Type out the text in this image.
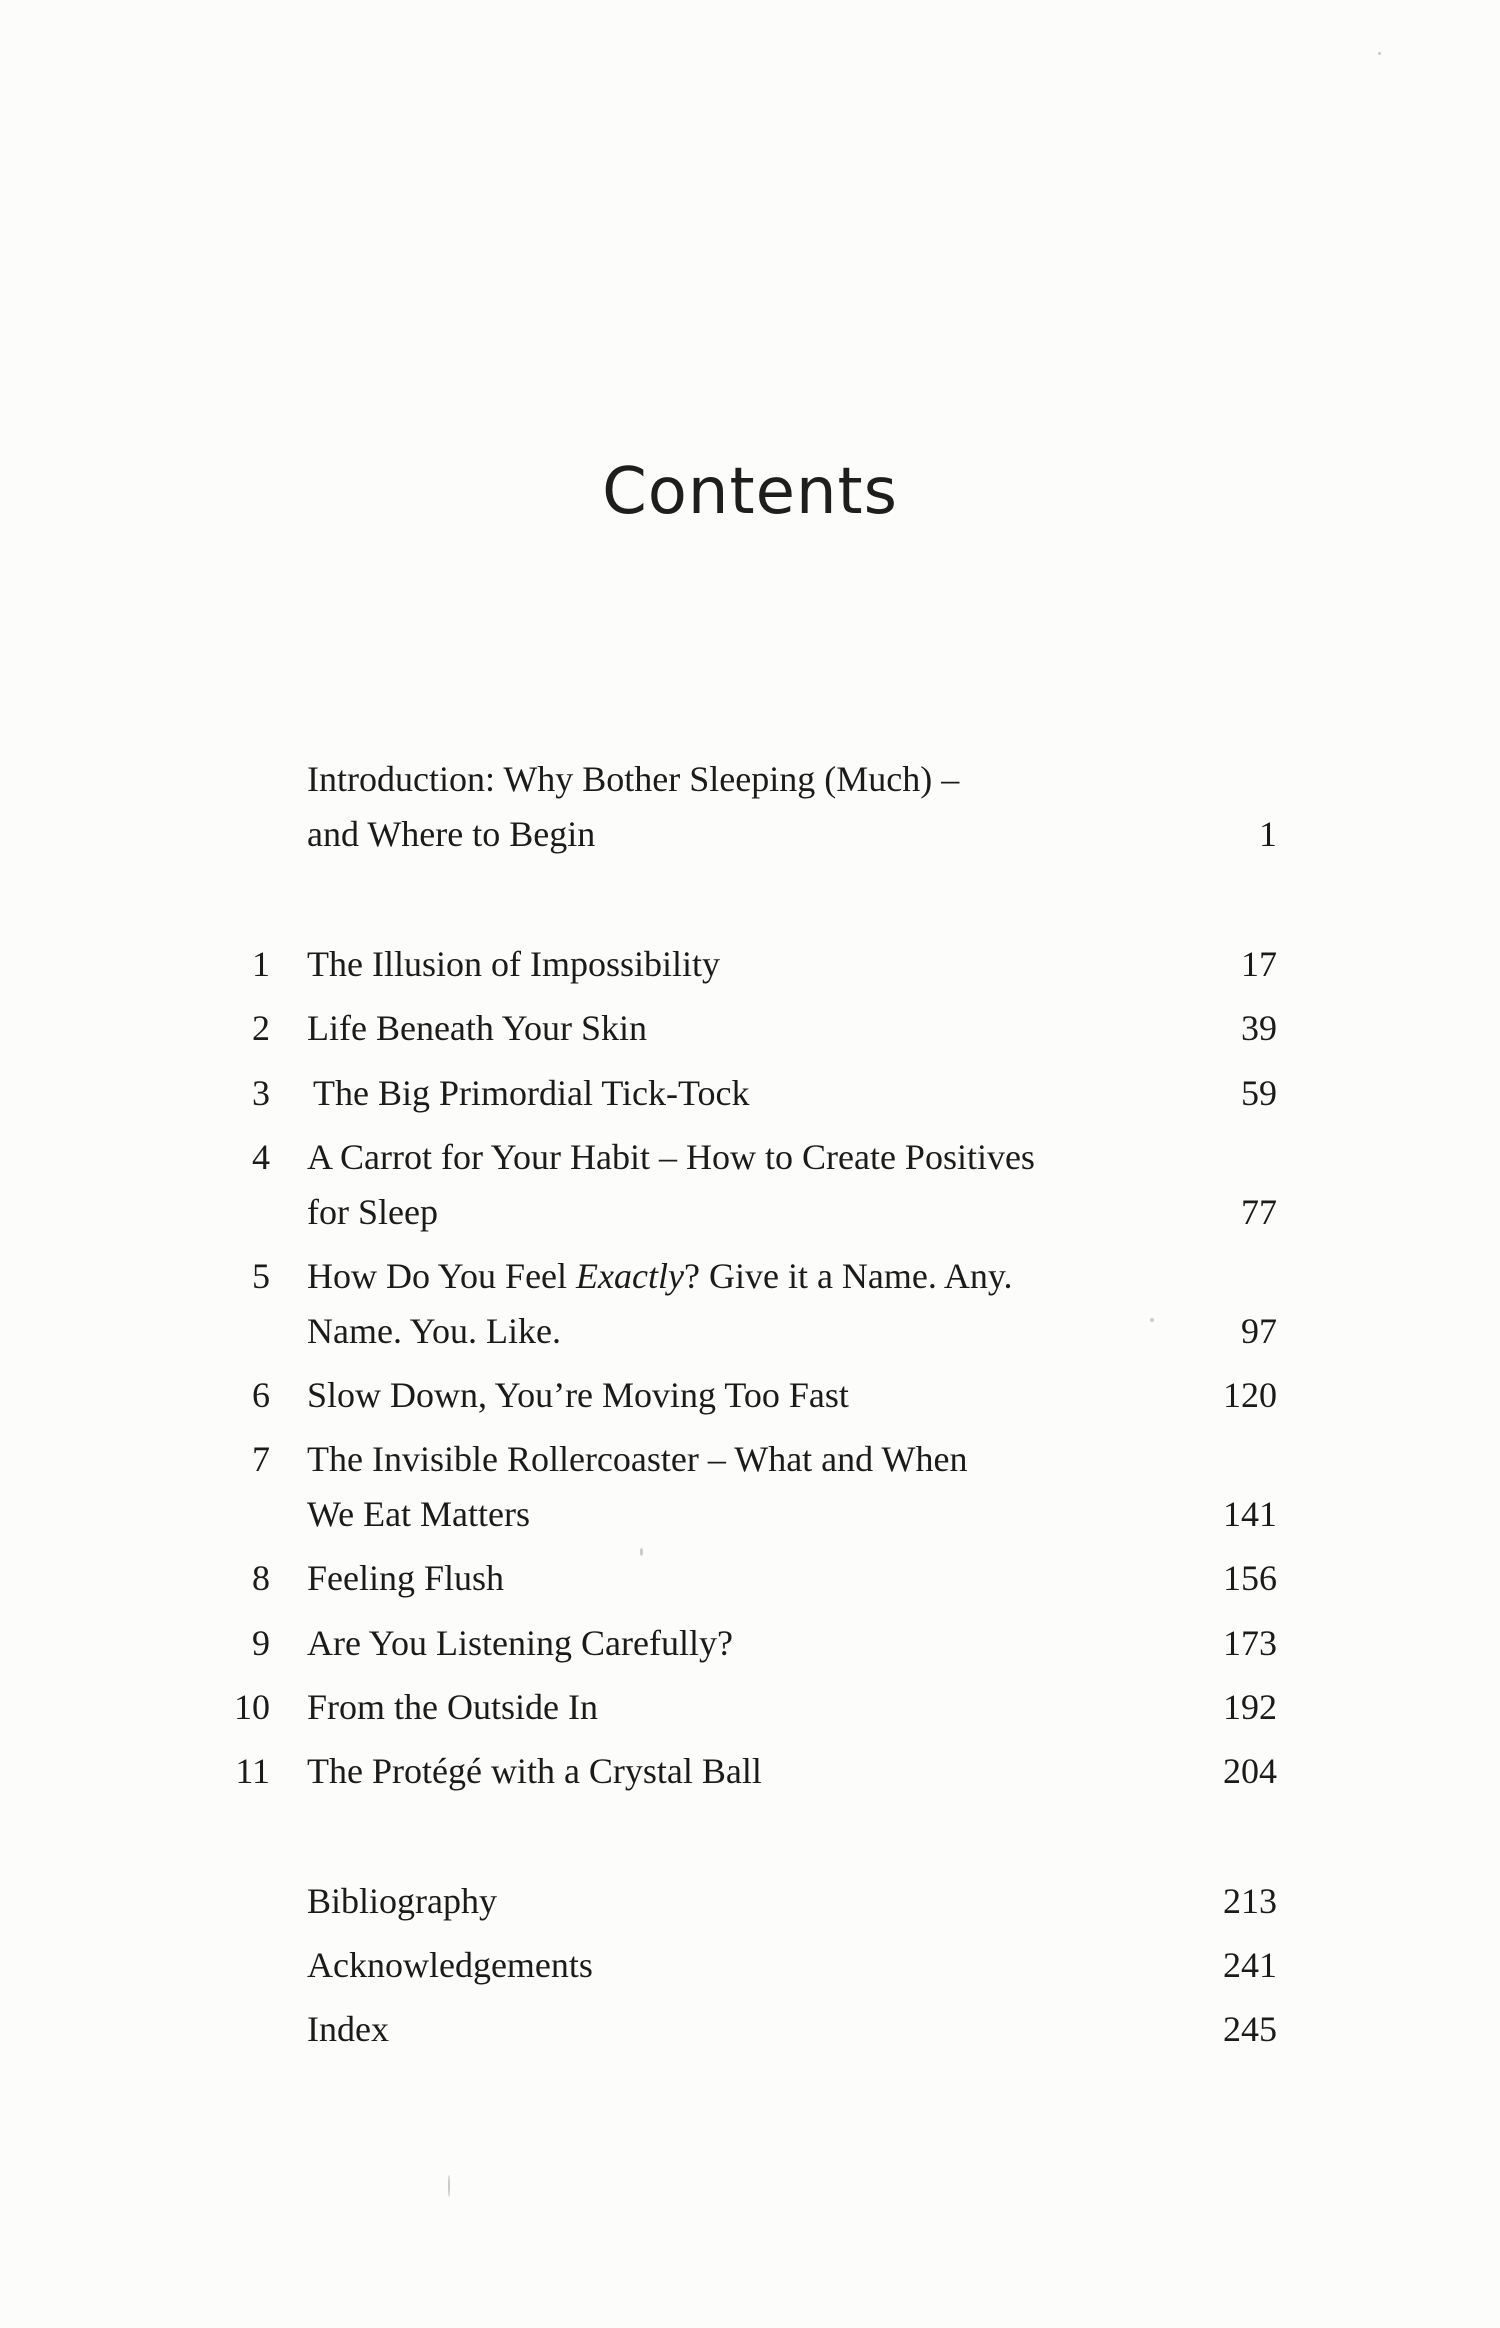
Contents
Introduction: Why Bother Sleeping (Much) –
and Where to Begin	1
1 The Illusion of Impossibility	17
2 Life Beneath Your Skin	39
3 The Big Primordial Tick-Tock	59
4 A Carrot for Your Habit – How to Create Positives
for Sleep	77
5 How Do You Feel Exactly? Give it a Name. Any.
Name. You. Like.	97
6 Slow Down, You’re Moving Too Fast	120
7 The Invisible Rollercoaster – What and When
We Eat Matters	141
8 Feeling Flush	156
9 Are You Listening Carefully?	173
10 From the Outside In	192
11 The Protégé with a Crystal Ball	204
Bibliography	213
Acknowledgements	241
Index	245
